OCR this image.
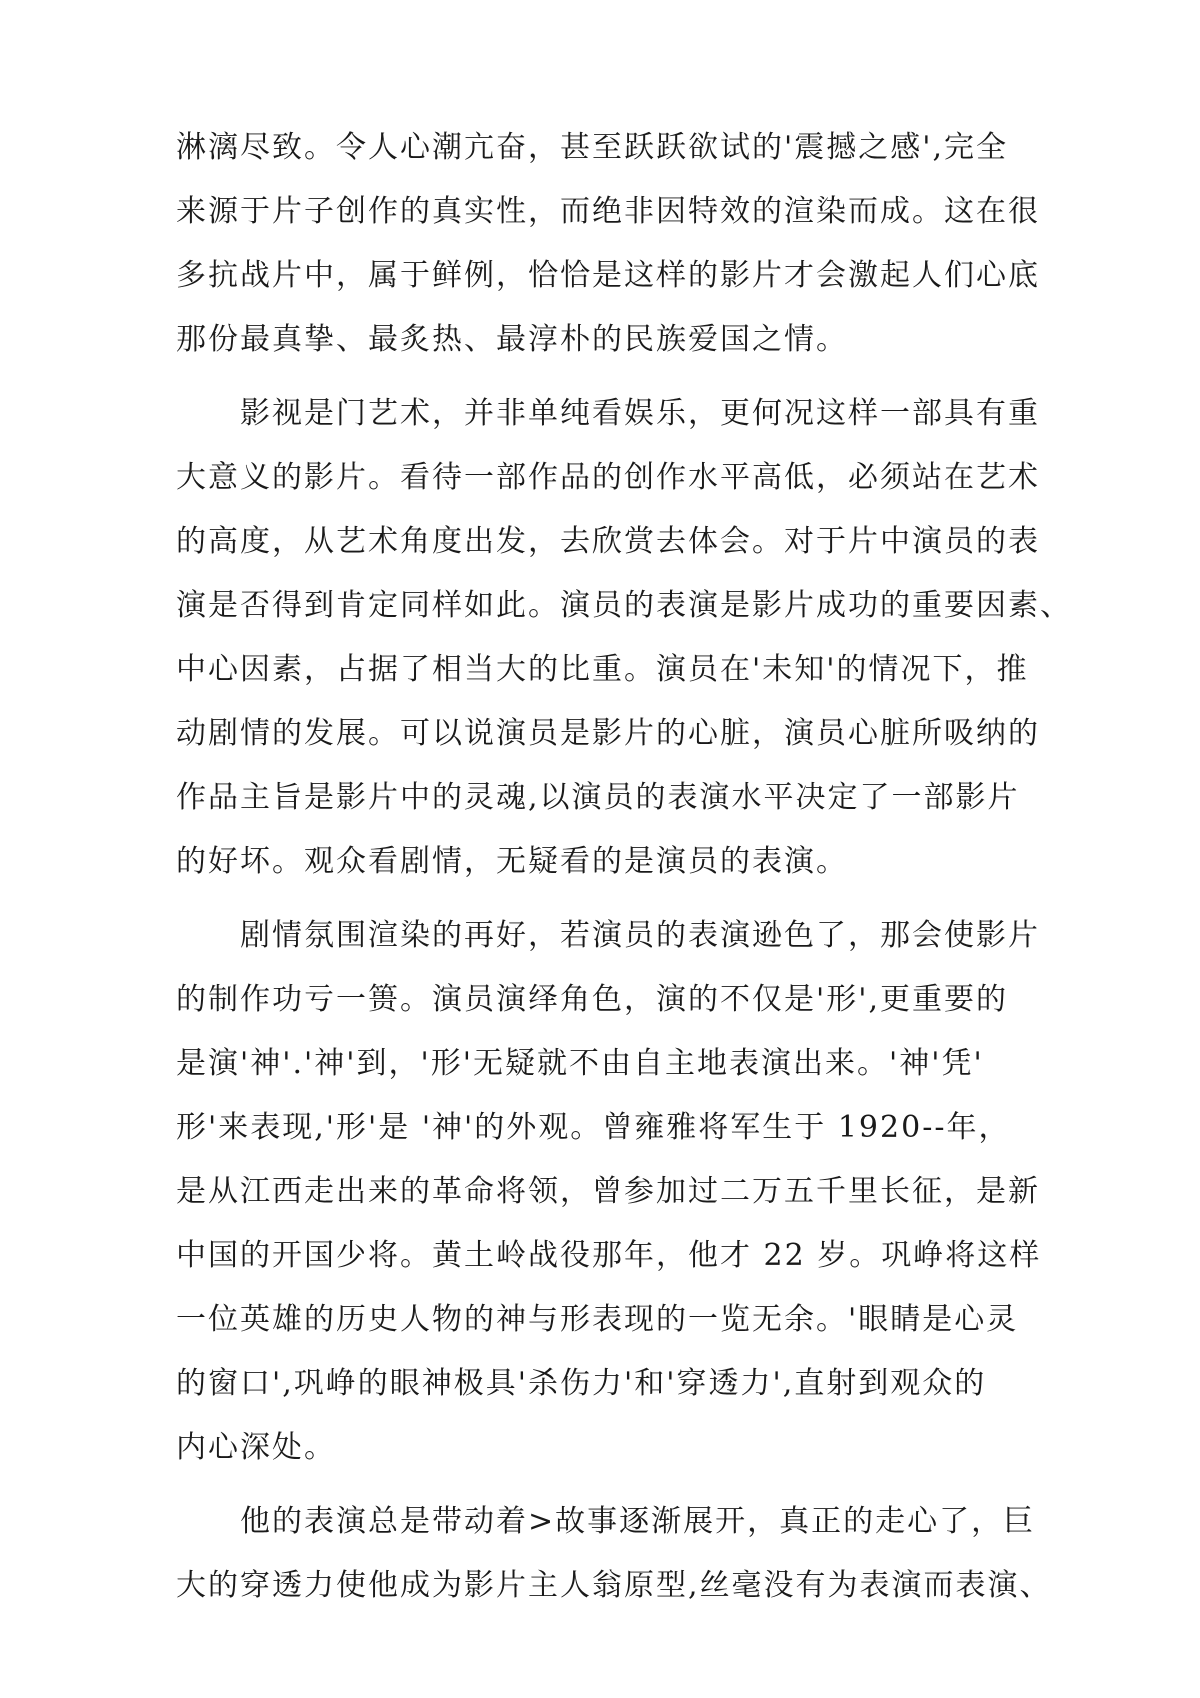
淋漓尽致。令人心潮亢奋，甚至跃跃欲试的'震撼之感',完全
来源于片子创作的真实性，而绝非因特效的渲染而成。这在很
多抗战片中，属于鲜例，恰恰是这样的影片才会激起人们心底
那份最真挚、最炙热、最淳朴的民族爱国之情。
影视是门艺术，并非单纯看娱乐，更何况这样一部具有重
大意义的影片。看待一部作品的创作水平高低，必须站在艺术
的高度，从艺术角度出发，去欣赏去体会。对于片中演员的表
演是否得到肯定同样如此。演员的表演是影片成功的重要因素、
中心因素，占据了相当大的比重。演员在'未知'的情况下，推
动剧情的发展。可以说演员是影片的心脏，演员心脏所吸纳的
作品主旨是影片中的灵魂,以演员的表演水平决定了一部影片
的好坏。观众看剧情，无疑看的是演员的表演。
剧情氛围渲染的再好，若演员的表演逊色了，那会使影片
的制作功亏一篑。演员演绎角色，演的不仅是'形',更重要的
是演'神'.'神'到，'形'无疑就不由自主地表演出来。'神'凭'
形'来表现,'形'是 '神'的外观。曾雍雅将军生于 1920--年，
是从江西走出来的革命将领，曾参加过二万五千里长征，是新
中国的开国少将。黄土岭战役那年，他才 22 岁。巩峥将这样
一位英雄的历史人物的神与形表现的一览无余。'眼睛是心灵
的窗口',巩峥的眼神极具'杀伤力'和'穿透力',直射到观众的
内心深处。
他的表演总是带动着>故事逐渐展开，真正的走心了，巨
大的穿透力使他成为影片主人翁原型,丝毫没有为表演而表演、
